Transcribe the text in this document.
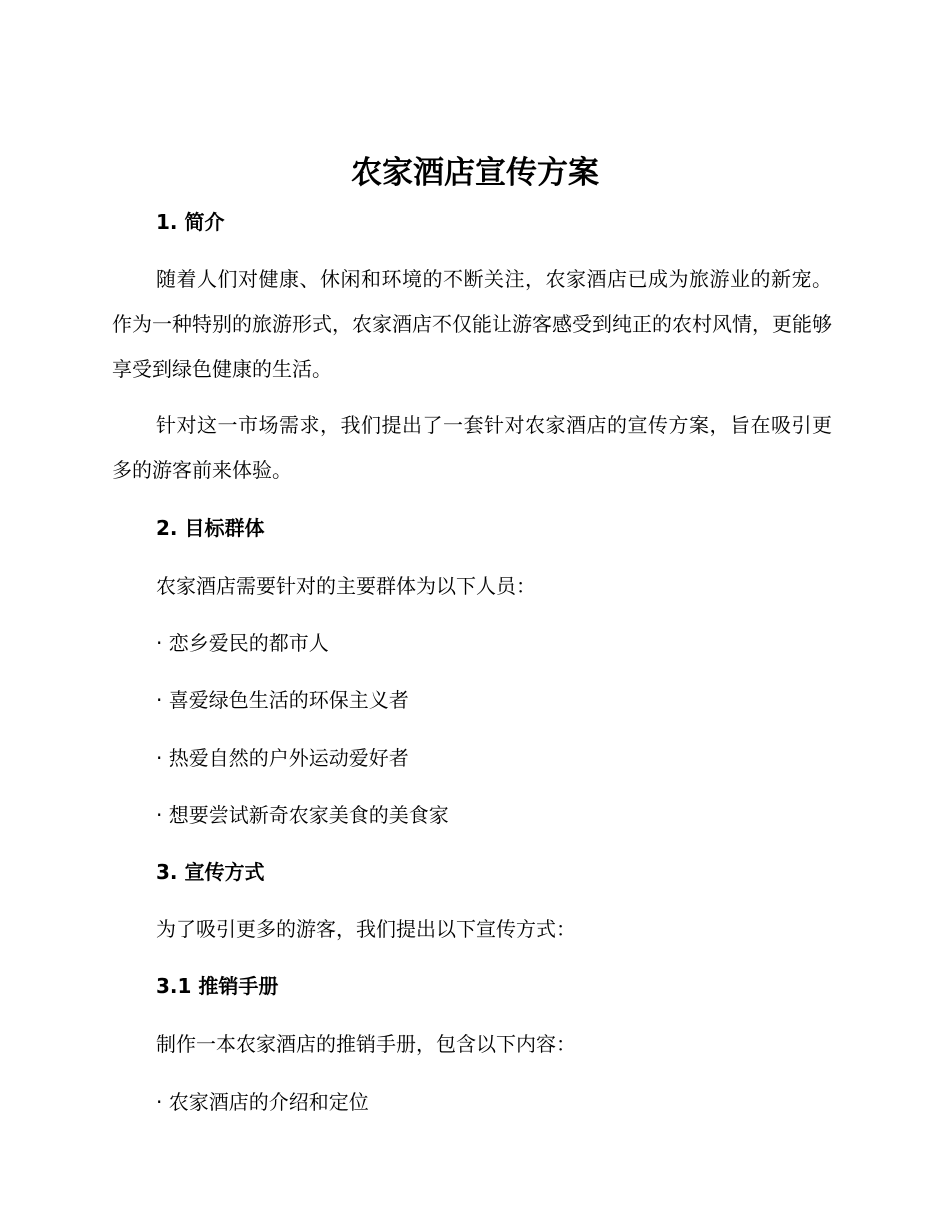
农家酒店宣传方案
1. 简介

随着人们对健康、休闲和环境的不断关注，农家酒店已成为旅游业的新宠。作为一种特别的旅游形式，农家酒店不仅能让游客感受到纯正的农村风情，更能够享受到绿色健康的生活。

针对这一市场需求，我们提出了一套针对农家酒店的宣传方案，旨在吸引更多的游客前来体验。

2. 目标群体

农家酒店需要针对的主要群体为以下人员：

· 恋乡爱民的都市人

· 喜爱绿色生活的环保主义者

· 热爱自然的户外运动爱好者

· 想要尝试新奇农家美食的美食家

3. 宣传方式

为了吸引更多的游客，我们提出以下宣传方式：

3.1 推销手册

制作一本农家酒店的推销手册，包含以下内容：

· 农家酒店的介绍和定位
